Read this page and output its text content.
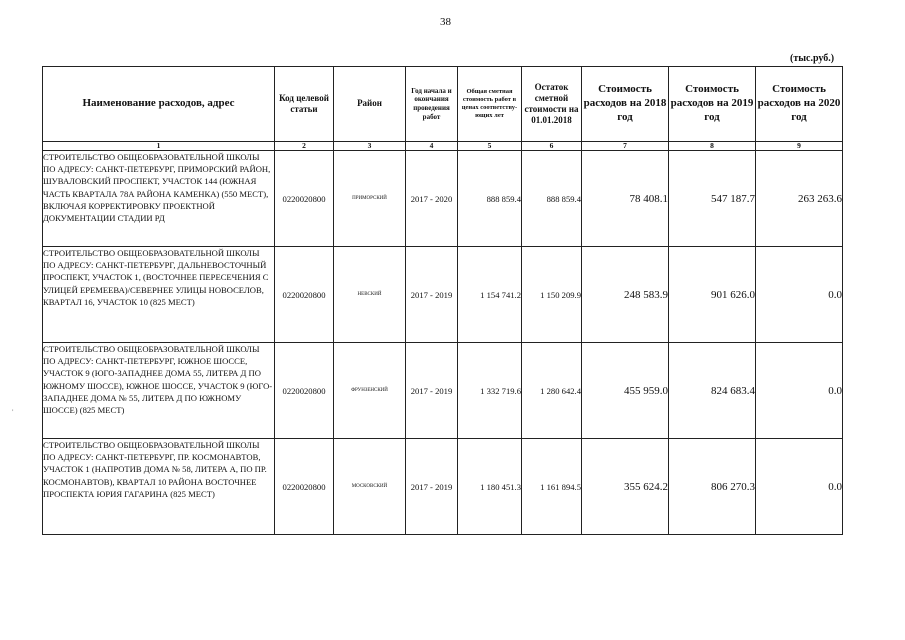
38
(тыс.руб.)
,
Наименование расходов, адрес	Код целевой статьи	Район	Год начала и окончания проведения работ	Общая сметная стоимость работ в ценах соответству-ющих лет	Остаток сметной стоимости на 01.01.2018	Стоимость расходов на 2018 год	Стоимость расходов на 2019 год	Стоимость расходов на 2020 год
1	2	3	4	5	6	7	8	9
СТРОИТЕЛЬСТВО ОБЩЕОБРАЗОВАТЕЛЬНОЙ ШКОЛЫ ПО АДРЕСУ: САНКТ-ПЕТЕРБУРГ, ПРИМОРСКИЙ РАЙОН, ШУВАЛОВСКИЙ ПРОСПЕКТ, УЧАСТОК 144 (ЮЖНАЯ ЧАСТЬ КВАРТАЛА 78А РАЙОНА КАМЕНКА) (550 МЕСТ), ВКЛЮЧАЯ КОРРЕКТИРОВКУ ПРОЕКТНОЙ ДОКУМЕНТАЦИИ СТАДИИ РД	0220020800	ПРИМОРСКИЙ	2017 - 2020	888 859.4	888 859.4	78 408.1	547 187.7	263 263.6
СТРОИТЕЛЬСТВО ОБЩЕОБРАЗОВАТЕЛЬНОЙ ШКОЛЫ ПО АДРЕСУ: САНКТ-ПЕТЕРБУРГ, ДАЛЬНЕВОСТОЧНЫЙ ПРОСПЕКТ, УЧАСТОК 1, (ВОСТОЧНЕЕ ПЕРЕСЕЧЕНИЯ С УЛИЦЕЙ ЕРЕМЕЕВА)/СЕВЕРНЕЕ УЛИЦЫ НОВОСЕЛОВ, КВАРТАЛ 16, УЧАСТОК 10 (825 МЕСТ)	0220020800	НЕВСКИЙ	2017 - 2019	1 154 741.2	1 150 209.9	248 583.9	901 626.0	0.0
СТРОИТЕЛЬСТВО ОБЩЕОБРАЗОВАТЕЛЬНОЙ ШКОЛЫ ПО АДРЕСУ: САНКТ-ПЕТЕРБУРГ, ЮЖНОЕ ШОССЕ, УЧАСТОК 9 (ЮГО-ЗАПАДНЕЕ ДОМА 55, ЛИТЕРА Д ПО ЮЖНОМУ ШОССЕ), ЮЖНОЕ ШОССЕ, УЧАСТОК 9 (ЮГО-ЗАПАДНЕЕ ДОМА № 55, ЛИТЕРА Д ПО ЮЖНОМУ ШОССЕ) (825 МЕСТ)	0220020800	ФРУНЗЕНСКИЙ	2017 - 2019	1 332 719.6	1 280 642.4	455 959.0	824 683.4	0.0
СТРОИТЕЛЬСТВО ОБЩЕОБРАЗОВАТЕЛЬНОЙ ШКОЛЫ ПО АДРЕСУ: САНКТ-ПЕТЕРБУРГ, ПР. КОСМОНАВТОВ, УЧАСТОК 1 (НАПРОТИВ ДОМА № 58, ЛИТЕРА А, ПО ПР. КОСМОНАВТОВ), КВАРТАЛ 10 РАЙОНА ВОСТОЧНЕЕ ПРОСПЕКТА ЮРИЯ ГАГАРИНА (825 МЕСТ)	0220020800	МОСКОВСКИЙ	2017 - 2019	1 180 451.3	1 161 894.5	355 624.2	806 270.3	0.0
